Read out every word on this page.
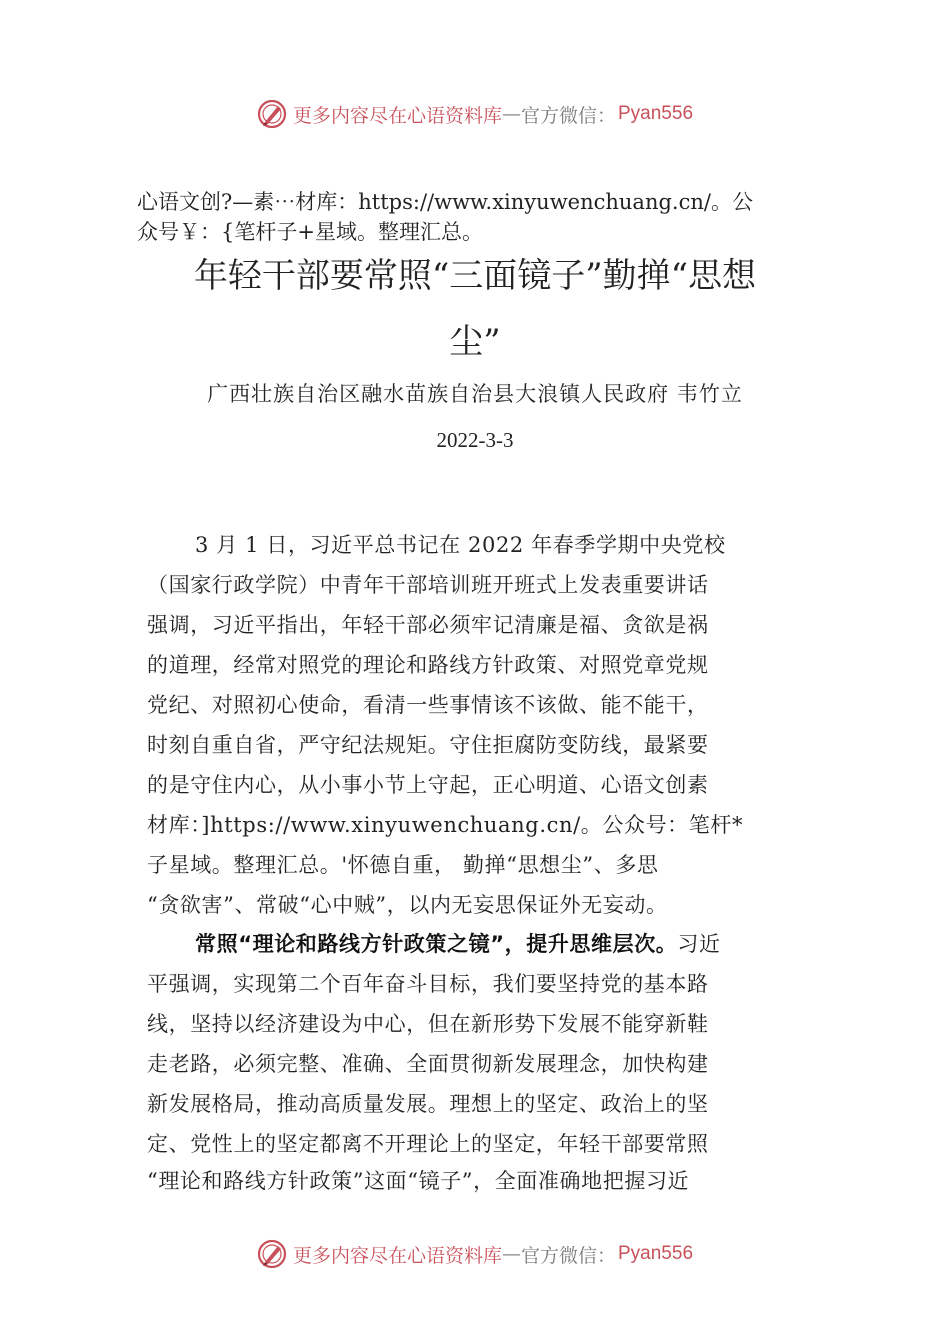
更多内容尽在心语资料库 — 官方微信： Pyan556
心语文创?—素⋯材库：https://www.xinyuwenchuang.cn/。公
众号￥：{笔杆子+星域。整理汇总。
年轻干部要常照“三面镜子”勤掸“思想
尘”
广西壮族自治区融水苗族自治县大浪镇人民政府 韦竹立
2022-3-3
3 月 1 日，习近平总书记在 2022 年春季学期中央党校
（国家行政学院）中青年干部培训班开班式上发表重要讲话
强调，习近平指出，年轻干部必须牢记清廉是福、贪欲是祸
的道理，经常对照党的理论和路线方针政策、对照党章党规
党纪、对照初心使命，看清一些事情该不该做、能不能干，
时刻自重自省，严守纪法规矩。守住拒腐防变防线，最紧要
的是守住内心，从小事小节上守起，正心明道、心语文创素
材库：]https://www.xinyuwenchuang.cn/。公众号：笔杆*
子星域。整理汇总。'怀德自重， 勤掸“思想尘”、多思
“贪欲害”、常破“心中贼”，以内无妄思保证外无妄动。
常照“理论和路线方针政策之镜”，提升思维层次。习近
平强调，实现第二个百年奋斗目标，我们要坚持党的基本路
线，坚持以经济建设为中心，但在新形势下发展不能穿新鞋
走老路，必须完整、准确、全面贯彻新发展理念，加快构建
新发展格局，推动高质量发展。理想上的坚定、政治上的坚
定、党性上的坚定都离不开理论上的坚定，年轻干部要常照
“理论和路线方针政策”这面“镜子”，全面准确地把握习近
更多内容尽在心语资料库 — 官方微信： Pyan556
